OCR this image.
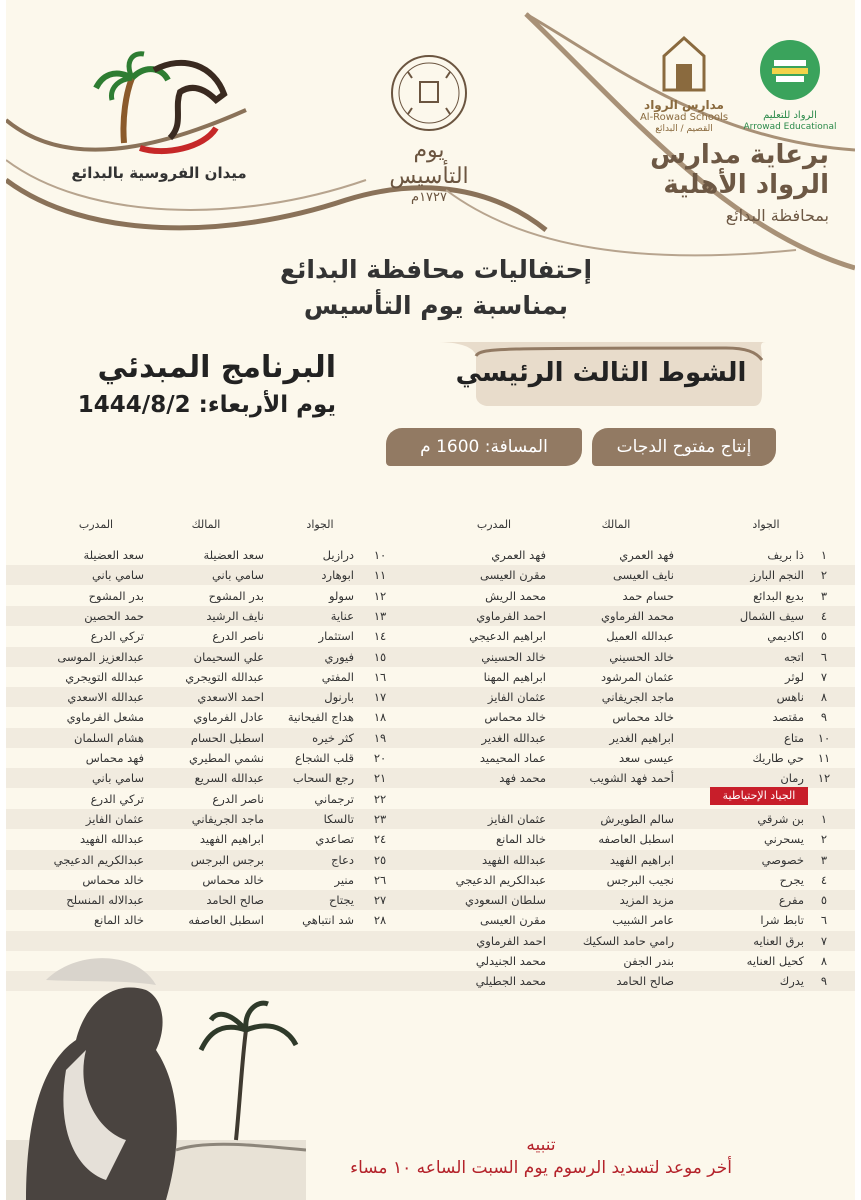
ميدان الفروسية بالبدائع
يوم التأسيس
١٧٢٧م
مدارس الرواد
Al-Rowad Schools
القصيم / البدائع
الرواد للتعليم
Arrowad Educational
برعاية مدارس
الرواد الأهلية
بمحافظة البدائع
إحتفاليات محافظة البدائع
بمناسبة يوم التأسيس
البرنامج المبدئي
يوم الأربعاء: 1444/8/2
الشوط الثالث الرئيسي
إنتاج مفتوح الدجات
المسافة: 1600 م
الجواد
المالك
المدرب
الجواد
المالك
المدرب
١
ذا بريف
فهد العمري
فهد العمري
١٠
درازيل
سعد العضيلة
سعد العضيلة
٢
النجم البارز
نايف العيسى
مقرن العيسى
١١
ابوهارد
سامي باني
سامي باني
٣
بديع البدائع
حسام حمد
محمد الريش
١٢
سولو
بدر المشوح
بدر المشوح
٤
سيف الشمال
محمد الفرماوي
احمد الفرماوي
١٣
عناية
نايف الرشيد
حمد الحصين
٥
اكاديمي
عبدالله العميل
ابراهيم الدعيجي
١٤
استثمار
ناصر الدرع
تركي الدرع
٦
اتجه
خالد الحسيني
خالد الحسيني
١٥
فيوري
علي السحيمان
عبدالعزيز الموسى
٧
لوثر
عثمان المرشود
ابراهيم المهنا
١٦
المفتي
عبدالله التويجري
عبدالله التويجري
٨
ناهس
ماجد الجريفاني
عثمان الفايز
١٧
بارنول
احمد الاسعدي
عبدالله الاسعدي
٩
مقتصد
خالد محماس
خالد محماس
١٨
هداج الفيحانية
عادل الفرماوي
مشعل الفرماوي
١٠
متاع
ابراهيم الغدير
عبدالله الغدير
١٩
كثر خيره
اسطبل الحسام
هشام السلمان
١١
حي طاريك
عيسى سعد
عماد المحيميد
٢٠
قلب الشجاع
نشمي المطيري
فهد محماس
١٢
رمان
أحمد فهد الشويب
محمد فهد
٢١
رجع السحاب
عبدالله السريع
سامي باني
٢٢
ترجماني
ناصر الدرع
تركي الدرع
١
بن شرقي
سالم الطويرش
عثمان الفايز
٢٣
تالسكا
ماجد الجريفاني
عثمان الفايز
٢
يسحرني
اسطبل العاصفه
خالد المانع
٢٤
تصاعدي
ابراهيم الفهيد
عبدالله الفهيد
٣
خصوصي
ابراهيم الفهيد
عبدالله الفهيد
٢٥
دعاج
برجس البرجس
عبدالكريم الدعيجي
٤
يجرح
نجيب البرجس
عبدالكريم الدعيجي
٢٦
منير
خالد محماس
خالد محماس
٥
مفرع
مزيد المزيد
سلطان السعودي
٢٧
يجتاح
صالح الحامد
عبدالاله المنسلح
٦
تابط شرا
عامر الشبيب
مقرن العيسى
٢٨
شد انتباهي
اسطبل العاصفه
خالد المانع
٧
برق العنايه
رامي حامد السكيك
احمد الفرماوي
٨
كحيل العنايه
بندر الجفن
محمد الجنيدلي
٩
يدرك
صالح الحامد
محمد الجطيلي
الجياد الإحتياطية
تنبيه
أخر موعد لتسديد الرسوم يوم السبت الساعه ١٠ مساء
